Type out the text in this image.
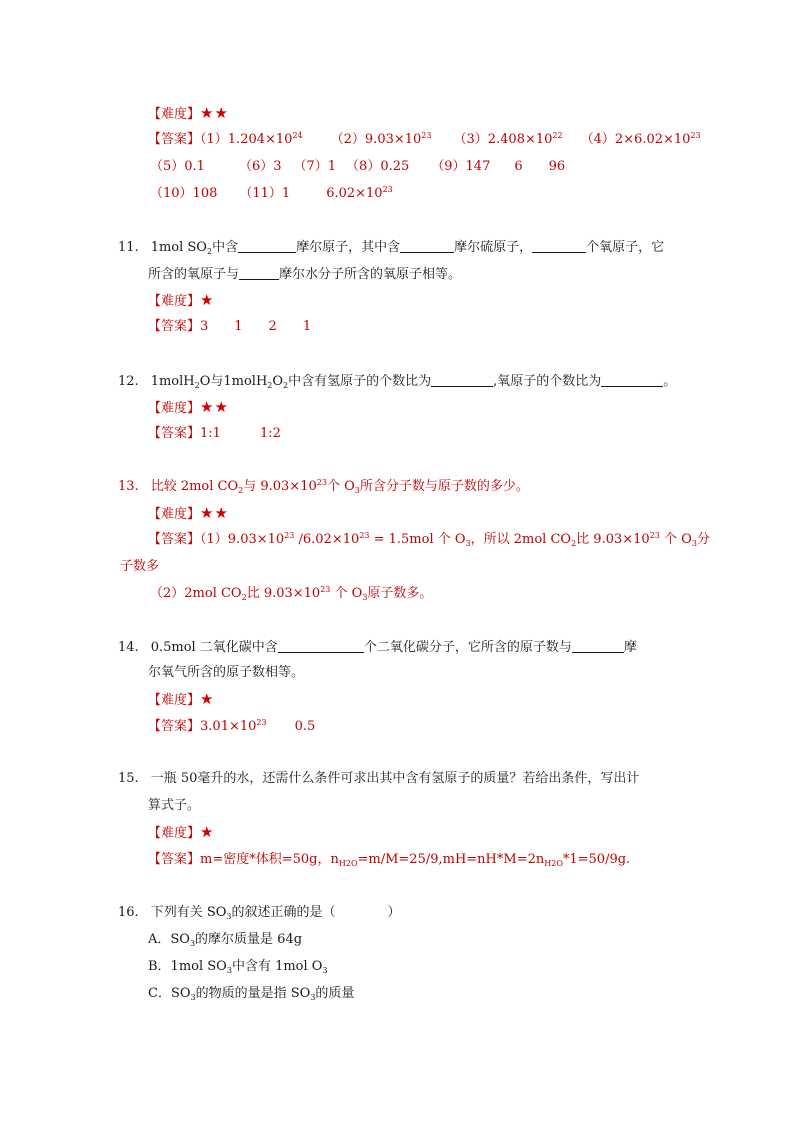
【难度】★★
【答案】$(1)1.204\times 10^{24}$ $(2)9.03\times 10^{23}$ $(3)2.408\times 10^{22}$ $(4)2\times 6.02\times 10^{23}$
（5）0.1	（6）3 （7）1 （8）0.25 （9）147 6 96
（10）108 （11）1	$6.02\times 10^{23}$
11. 1mol $SO_2$中含	摩尔原子，其中含	摩尔硫原子，	个氧原子，它
所含的氧原子与	摩尔水分子所含的氧原子相等。
【难度】★
【答案】3　　1　　2　　1
12. 1molH$_2$O与$1molH_2O_2$中含有氢原子的个数比为	,氧原子的个数比为	。
【难度】★★
【答案】1:1　　　1:2
13. 比较 2mol $CO_2$与 $9.03\times 10^{23}$个 $O_3$所含分子数与原子数的多少。
【难度】★★
【答案】$(1)9.03\times 10^{23}$ $/6.02\times 10^{23} = 1.5mol$ 个 $O_3$，所以 2mol $CO_2$比 $9.03\times 10^{23}$ 个 $O_3$分
子数多
（2）2mol $CO_2$比 $9.03\times 10^{23}$ 个 $O_3$原子数多。
14. 0.5mol 二氧化碳中含	个二氧化碳分子，它所含的原子数与	摩
尔氧气所含的原子数相等。
【难度】★
【答案】$3.01\times 10^{23}$ 0.5
15. 一瓶 50毫升的水，还需什么条件可求出其中含有氢原子的质量？若给出条件，写出计
算式子。
【难度】★
【答案】m=密度*体积=50g，$n_{H2O}=m/M=25/9,mH=nH*M=2n_{H2O}*1=50/9g$.
16. 下列有关 $SO_3$的叙述正确的是（　　　　）
A．$SO_3$的摩尔质量是 64g
B．1mol $SO_3$中含有 1mol $O_3$
C．$SO_3$的物质的量是指 $SO_3$的质量
